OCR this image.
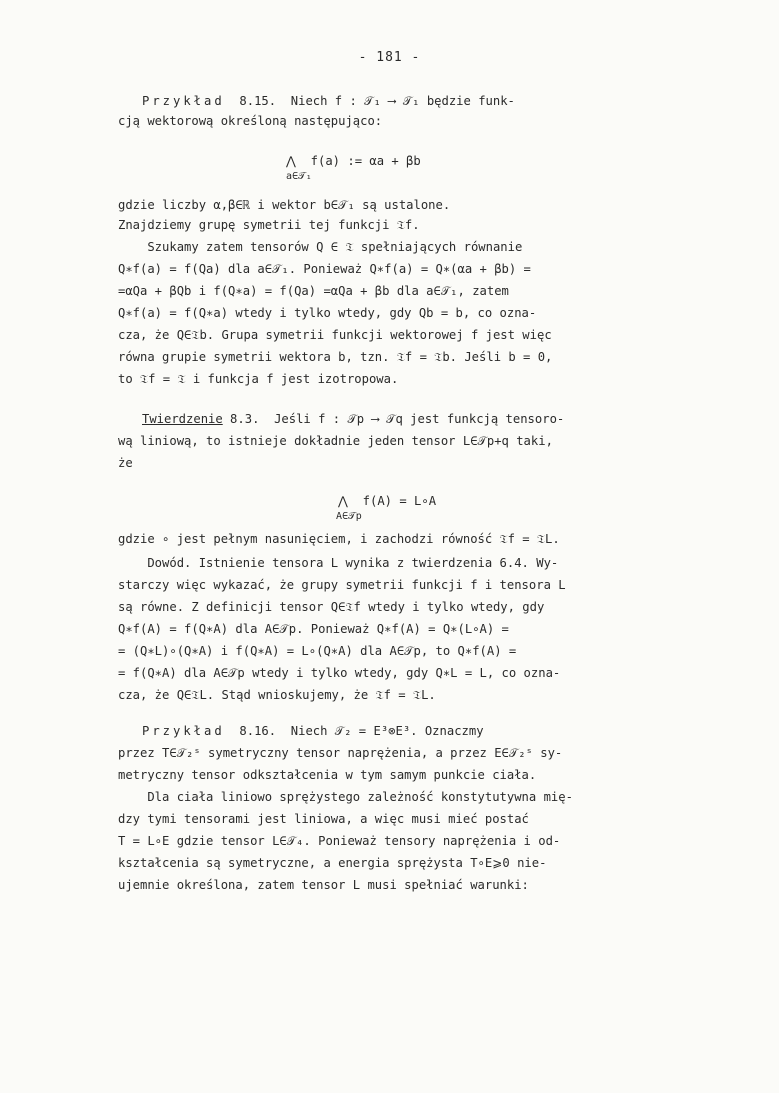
- 181 -
Przykład 8.15. Niech f : 𝒯₁ ⟶ 𝒯₁ będzie funk-
cją wektorową określoną następująco:
⋀  f(a) := αa + βb
a∈𝒯₁
gdzie liczby α,β∈ℝ i wektor b∈𝒯₁ są ustalone.
Znajdziemy grupę symetrii tej funkcji 𝔗f.
Szukamy zatem tensorów Q ∈ 𝔗 spełniających równanie
Q∗f(a) = f(Qa) dla a∈𝒯₁. Ponieważ Q∗f(a) = Q∗(αa + βb) =
=αQa + βQb i f(Q∗a) = f(Qa) =αQa + βb dla a∈𝒯₁, zatem
Q∗f(a) = f(Q∗a) wtedy i tylko wtedy, gdy Qb = b, co ozna-
cza, że Q∈𝔗b. Grupa symetrii funkcji wektorowej f jest więc
równa grupie symetrii wektora b, tzn. 𝔗f = 𝔗b. Jeśli b = 0,
to 𝔗f = 𝔗 i funkcja f jest izotropowa.
Twierdzenie 8.3.  Jeśli f : 𝒯p ⟶ 𝒯q jest funkcją tensoro-
wą liniową, to istnieje dokładnie jeden tensor L∈𝒯p+q taki,
że
⋀  f(A) = L∘A
A∈𝒯p
gdzie ∘ jest pełnym nasunięciem, i zachodzi równość 𝔗f = 𝔗L.
Dowód. Istnienie tensora L wynika z twierdzenia 6.4. Wy-
starczy więc wykazać, że grupy symetrii funkcji f i tensora L
są równe. Z definicji tensor Q∈𝔗f wtedy i tylko wtedy, gdy
Q∗f(A) = f(Q∗A) dla A∈𝒯p. Ponieważ Q∗f(A) = Q∗(L∘A) =
= (Q∗L)∘(Q∗A) i f(Q∗A) = L∘(Q∗A) dla A∈𝒯p, to Q∗f(A) =
= f(Q∗A) dla A∈𝒯p wtedy i tylko wtedy, gdy Q∗L = L, co ozna-
cza, że Q∈𝔗L. Stąd wnioskujemy, że 𝔗f = 𝔗L.
Przykład 8.16. Niech 𝒯₂ = E³⊗E³. Oznaczmy
przez T∈𝒯₂ˢ symetryczny tensor naprężenia, a przez E∈𝒯₂ˢ sy-
metryczny tensor odkształcenia w tym samym punkcie ciała.
Dla ciała liniowo sprężystego zależność konstytutywna mię-
dzy tymi tensorami jest liniowa, a więc musi mieć postać
T = L∘E gdzie tensor L∈𝒯₄. Ponieważ tensory naprężenia i od-
kształcenia są symetryczne, a energia sprężysta T∘E⩾0 nie-
ujemnie określona, zatem tensor L musi spełniać warunki:
